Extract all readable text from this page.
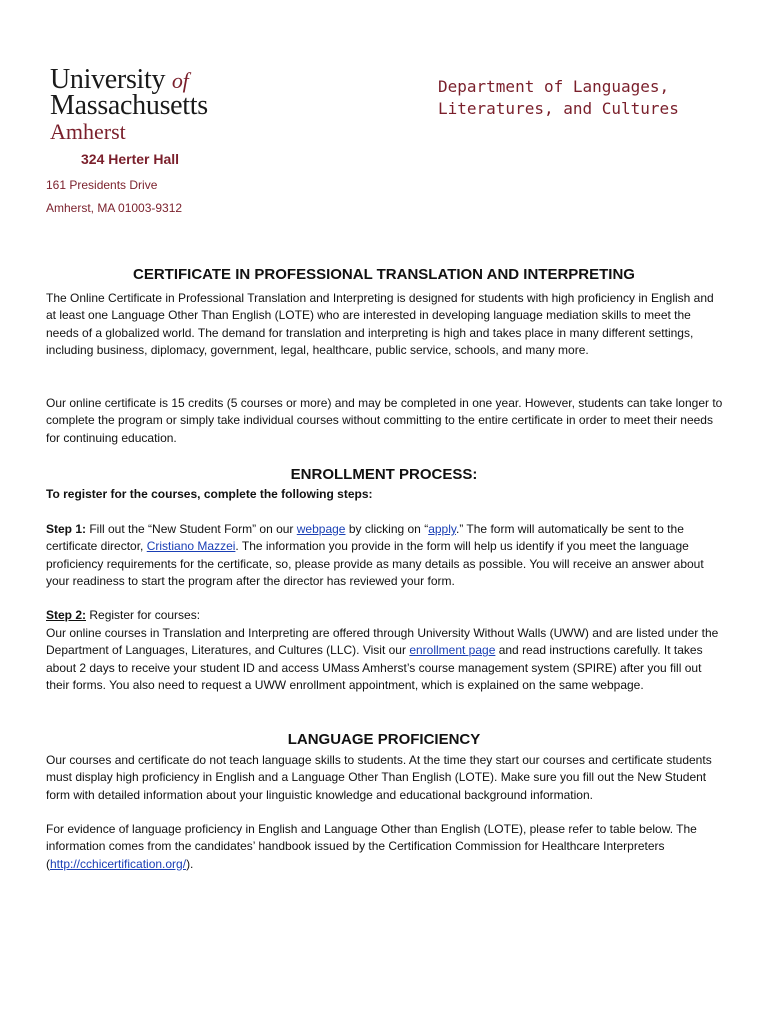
University of
Massachusetts
Amherst
Department of Languages,
Literatures, and Cultures
324 Herter Hall
161 Presidents Drive
Amherst, MA 01003-9312
CERTIFICATE IN PROFESSIONAL TRANSLATION AND INTERPRETING
The Online Certificate in Professional Translation and Interpreting is designed for students with high proficiency in English and at least one Language Other Than English (LOTE) who are interested in developing language mediation skills to meet the needs of a globalized world. The demand for translation and interpreting is high and takes place in many different settings, including business, diplomacy, government, legal, healthcare, public service, schools, and many more.
Our online certificate is 15 credits (5 courses or more) and may be completed in one year. However, students can take longer to complete the program or simply take individual courses without committing to the entire certificate in order to meet their needs for continuing education.
ENROLLMENT PROCESS:
To register for the courses, complete the following steps:
Step 1: Fill out the “New Student Form” on our webpage by clicking on “apply.” The form will automatically be sent to the certificate director, Cristiano Mazzei. The information you provide in the form will help us identify if you meet the language proficiency requirements for the certificate, so, please provide as many details as possible. You will receive an answer about your readiness to start the program after the director has reviewed your form.
Step 2: Register for courses:
Our online courses in Translation and Interpreting are offered through University Without Walls (UWW) and are listed under the Department of Languages, Literatures, and Cultures (LLC). Visit our enrollment page and read instructions carefully. It takes about 2 days to receive your student ID and access UMass Amherst’s course management system (SPIRE) after you fill out their forms. You also need to request a UWW enrollment appointment, which is explained on the same webpage.
LANGUAGE PROFICIENCY
Our courses and certificate do not teach language skills to students. At the time they start our courses and certificate students must display high proficiency in English and a Language Other Than English (LOTE). Make sure you fill out the New Student form with detailed information about your linguistic knowledge and educational background information.
For evidence of language proficiency in English and Language Other than English (LOTE), please refer to table below. The information comes from the candidates’ handbook issued by the Certification Commission for Healthcare Interpreters (http://cchicertification.org/).
